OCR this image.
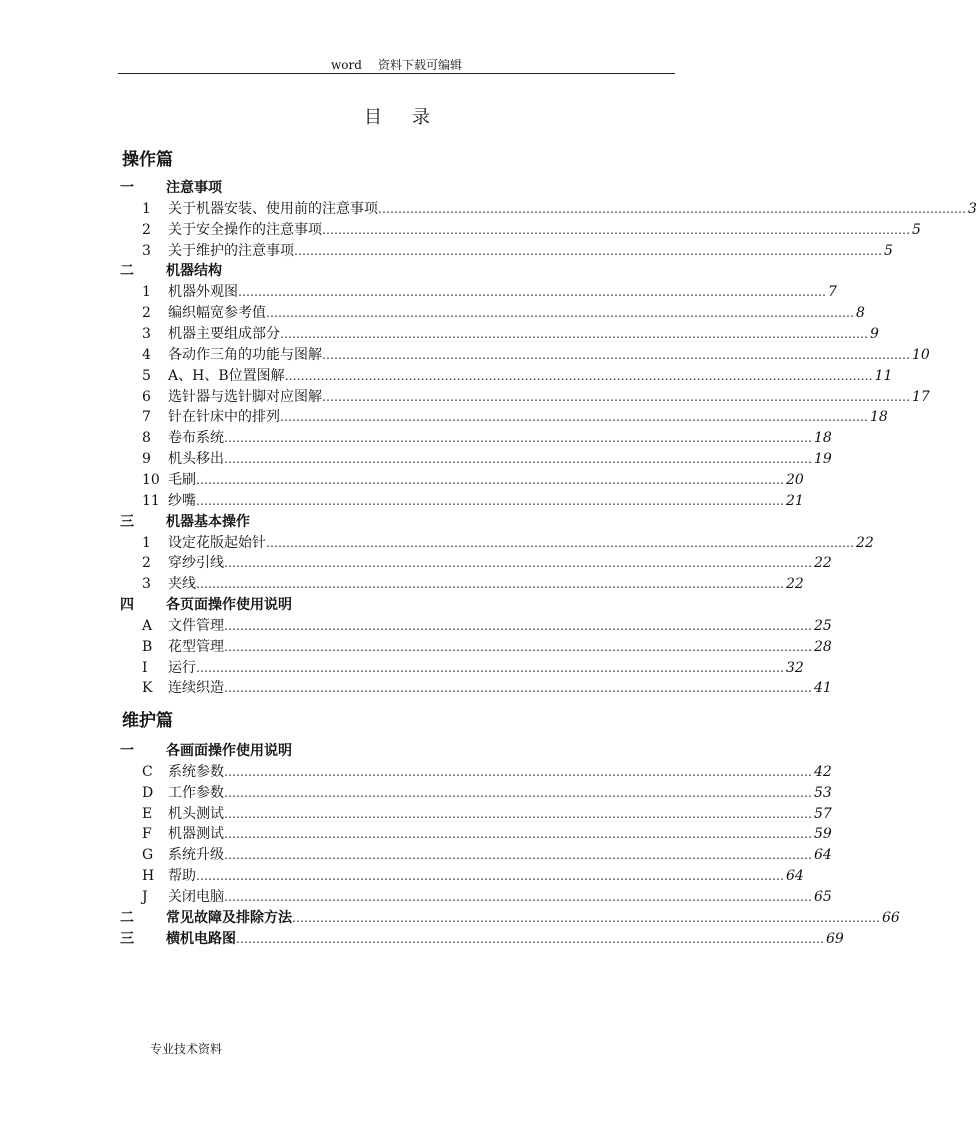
word 资料下载可编辑
目 录
操作篇
一	注意事项
1	关于机器安装、使用前的注意事项 ………………………………………………………………………………………………………………………………… 3
2	关于安全操作的注意事项 ………………………………………………………………………………………………………………………………… 5
3	关于维护的注意事项 ………………………………………………………………………………………………………………………………… 5
二	机器结构
1	机器外观图 ………………………………………………………………………………………………………………………………… 7
2	编织幅宽参考值 ………………………………………………………………………………………………………………………………… 8
3	机器主要组成部分 ………………………………………………………………………………………………………………………………… 9
4	各动作三角的功能与图解 ………………………………………………………………………………………………………………………………… 10
5	A、H、B位置图解 ………………………………………………………………………………………………………………………………… 11
6	选针器与选针脚对应图解 ………………………………………………………………………………………………………………………………… 17
7	针在针床中的排列 ………………………………………………………………………………………………………………………………… 18
8	卷布系统 ………………………………………………………………………………………………………………………………… 18
9	机头移出 ………………………………………………………………………………………………………………………………… 19
10 毛刷 ………………………………………………………………………………………………………………………………… 20
11 纱嘴 ………………………………………………………………………………………………………………………………… 21
三	机器基本操作
1	设定花版起始针 ………………………………………………………………………………………………………………………………… 22
2	穿纱引线 ………………………………………………………………………………………………………………………………… 22
3	夹线 ………………………………………………………………………………………………………………………………… 22
四	各页面操作使用说明
A	文件管理 ………………………………………………………………………………………………………………………………… 25
B	花型管理 ………………………………………………………………………………………………………………………………… 28
I	运行 ………………………………………………………………………………………………………………………………… 32
K	连续织造 ………………………………………………………………………………………………………………………………… 41
维护篇
一	各画面操作使用说明
C	系统参数 ………………………………………………………………………………………………………………………………… 42
D	工作参数 ………………………………………………………………………………………………………………………………… 53
E	机头测试 ………………………………………………………………………………………………………………………………… 57
F	机器测试 ………………………………………………………………………………………………………………………………… 59
G	系统升级 ………………………………………………………………………………………………………………………………… 64
H 帮助 ………………………………………………………………………………………………………………………………… 64
J	关闭电脑 ………………………………………………………………………………………………………………………………… 65
二	常见故障及排除方法 ………………………………………………………………………………………………………………………………… 66
三	横机电路图 ………………………………………………………………………………………………………………………………… 69
专业技术资料
